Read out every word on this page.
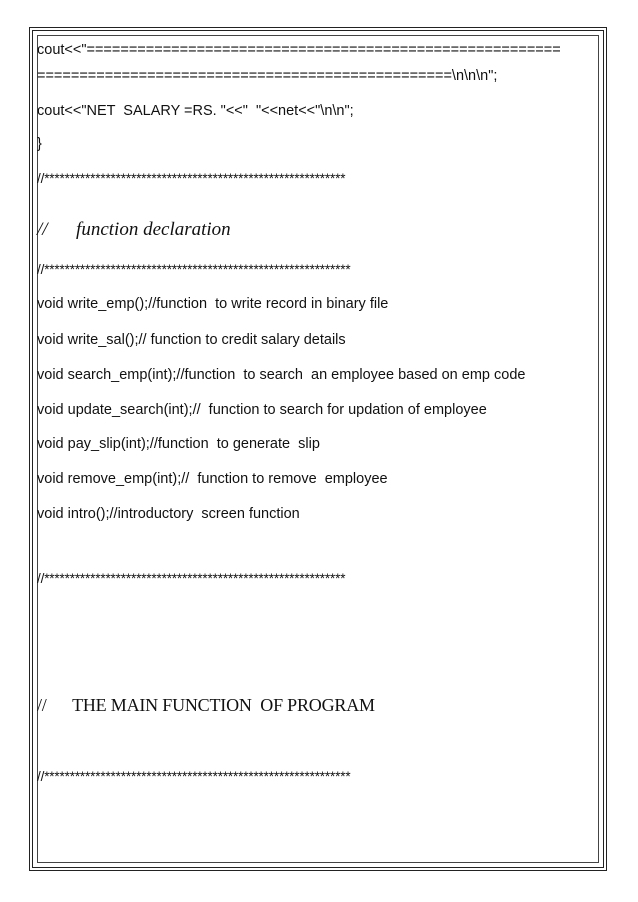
cout<<"========================================================
=================================================\n\n\n";
cout<<"NET  SALARY =RS. "<<"  "<<net<<"\n\n";
}
//***********************************************************
//      function declaration
//************************************************************
void write_emp();//function  to write record in binary file
void write_sal();// function to credit salary details
void search_emp(int);//function  to search  an employee based on emp code
void update_search(int);//  function to search for updation of employee
void pay_slip(int);//function  to generate  slip
void remove_emp(int);//  function to remove  employee
void intro();//introductory  screen function
//***********************************************************
//      THE MAIN FUNCTION  OF PROGRAM
//************************************************************
